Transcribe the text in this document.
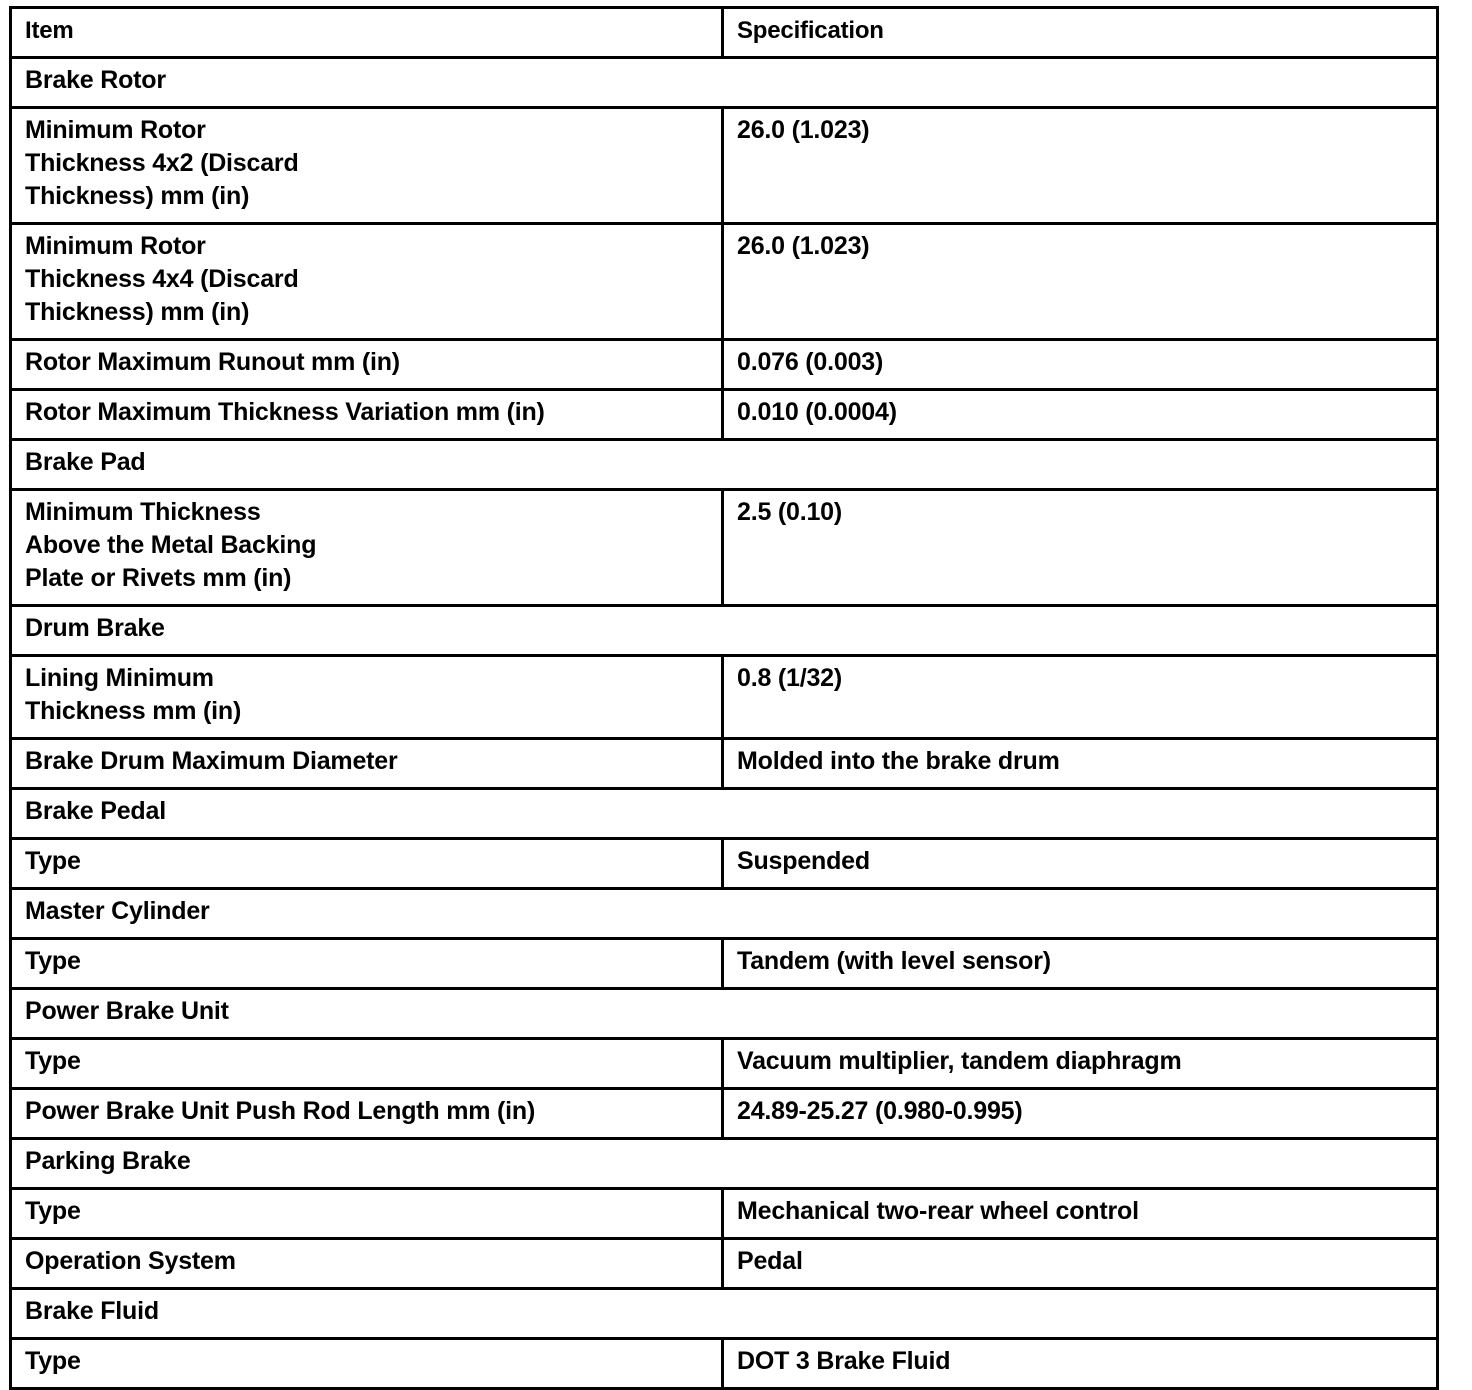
Item	Specification
Brake Rotor	

Minimum Rotor
Thickness 4x2 (Discard
Thickness) mm (in)	26.0 (1.023)

Minimum Rotor
Thickness 4x4 (Discard
Thickness) mm (in)	26.0 (1.023)

Rotor Maximum Runout mm (in)	0.076 (0.003)

Rotor Maximum Thickness Variation mm (in)	0.010 (0.0004)

Brake Pad	

Minimum Thickness
Above the Metal Backing
Plate or Rivets mm (in)	2.5 (0.10)

Drum Brake	

Lining Minimum
Thickness mm (in)	0.8 (1/32)

Brake Drum Maximum Diameter	Molded into the brake drum

Brake Pedal	

Type	Suspended

Master Cylinder	

Type	Tandem (with level sensor)

Power Brake Unit	

Type	Vacuum multiplier, tandem diaphragm

Power Brake Unit Push Rod Length mm (in)	24.89-25.27 (0.980-0.995)

Parking Brake	

Type	Mechanical two-rear wheel control

Operation System	Pedal

Brake Fluid	

Type	DOT 3 Brake Fluid
